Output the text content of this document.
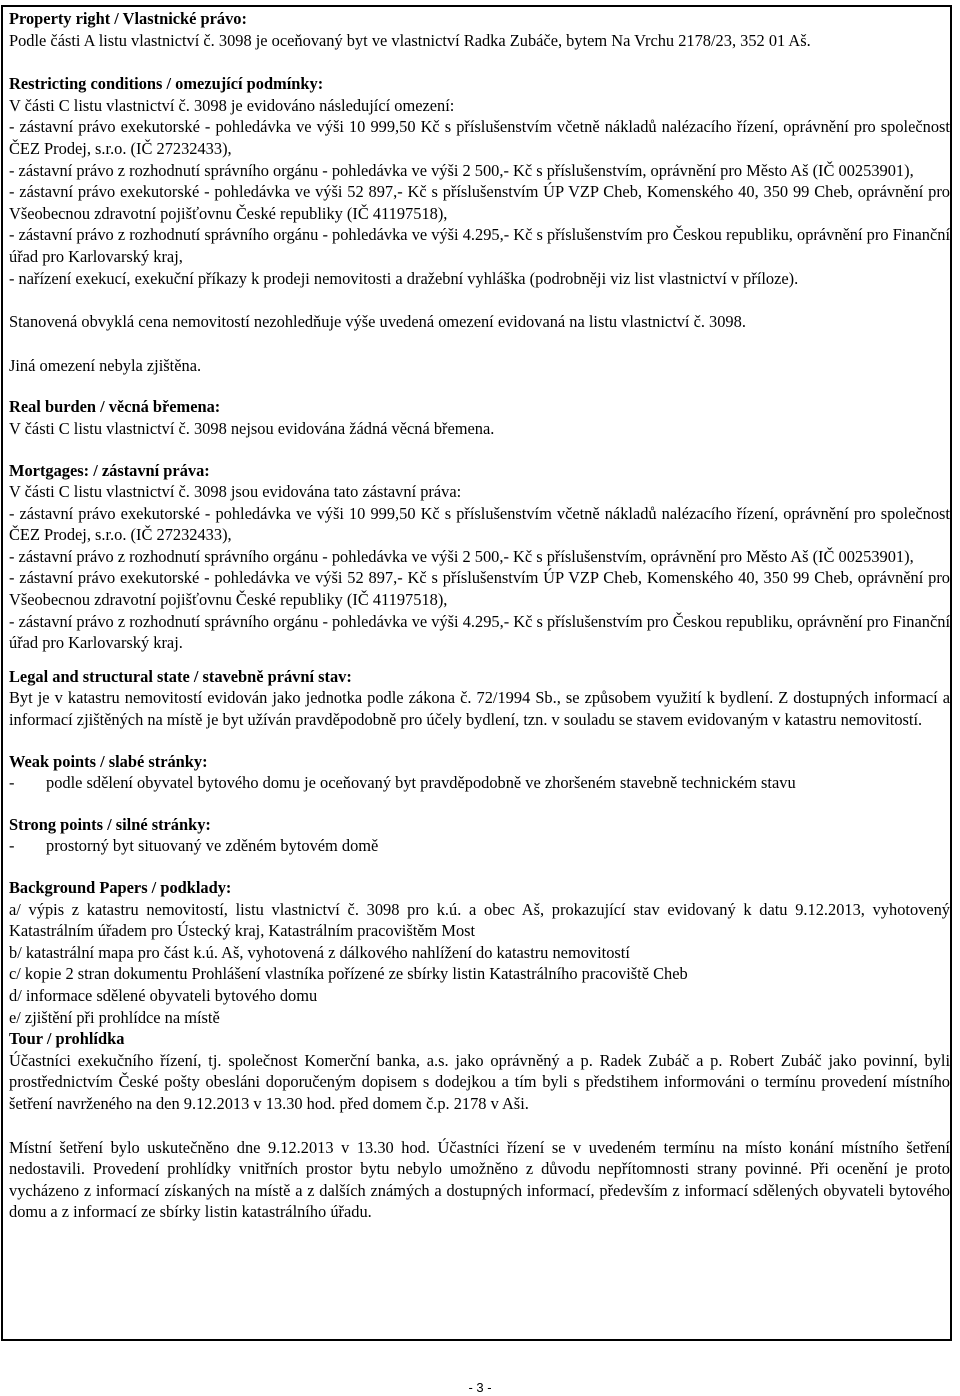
Property right / Vlastnické právo:
Podle části A listu vlastnictví č. 3098 je oceňovaný byt ve vlastnictví Radka Zubáče, bytem Na Vrchu 2178/23, 352 01 Aš.
Restricting conditions / omezující podmínky:
V části C listu vlastnictví č. 3098 je evidováno následující omezení:
- zástavní právo exekutorské - pohledávka ve výši 10 999,50 Kč s příslušenstvím včetně nákladů nalézacího řízení, oprávnění pro společnost ČEZ Prodej, s.r.o. (IČ 27232433),
- zástavní právo z rozhodnutí správního orgánu - pohledávka ve výši 2 500,- Kč s příslušenstvím, oprávnění pro Město Aš (IČ 00253901),
- zástavní právo exekutorské - pohledávka ve výši 52 897,- Kč s příslušenstvím ÚP VZP Cheb, Komenského 40, 350 99 Cheb, oprávnění pro Všeobecnou zdravotní pojišťovnu České republiky (IČ 41197518),
- zástavní právo z rozhodnutí správního orgánu - pohledávka ve výši 4.295,- Kč s příslušenstvím pro Českou republiku, oprávnění pro Finanční úřad pro Karlovarský kraj,
- nařízení exekucí, exekuční příkazy k prodeji nemovitosti a dražební vyhláška (podrobněji viz list vlastnictví v příloze).
Stanovená obvyklá cena nemovitostí nezohledňuje výše uvedená omezení evidovaná na listu vlastnictví č. 3098.
Jiná omezení nebyla zjištěna.
Real burden / věcná břemena:
V části C listu vlastnictví č. 3098 nejsou evidována žádná věcná břemena.
Mortgages: / zástavní práva:
V části C listu vlastnictví č. 3098 jsou evidována tato zástavní práva:
- zástavní právo exekutorské - pohledávka ve výši 10 999,50 Kč s příslušenstvím včetně nákladů nalézacího řízení, oprávnění pro společnost ČEZ Prodej, s.r.o. (IČ 27232433),
- zástavní právo z rozhodnutí správního orgánu - pohledávka ve výši 2 500,- Kč s příslušenstvím, oprávnění pro Město Aš (IČ 00253901),
- zástavní právo exekutorské - pohledávka ve výši 52 897,- Kč s příslušenstvím ÚP VZP Cheb, Komenského 40, 350 99 Cheb, oprávnění pro Všeobecnou zdravotní pojišťovnu České republiky (IČ 41197518),
- zástavní právo z rozhodnutí správního orgánu - pohledávka ve výši 4.295,- Kč s příslušenstvím pro Českou republiku, oprávnění pro Finanční úřad pro Karlovarský kraj.
Legal and structural state / stavebně právní stav:
Byt je v katastru nemovitostí evidován jako jednotka podle zákona č. 72/1994 Sb., se způsobem využití k bydlení. Z dostupných informací a informací zjištěných na místě je byt užíván pravděpodobně pro účely bydlení, tzn. v souladu se stavem evidovaným v katastru nemovitostí.
Weak points / slabé stránky:
-	podle sdělení obyvatel bytového domu je oceňovaný byt pravděpodobně ve zhoršeném stavebně technickém stavu
Strong points / silné stránky:
-	prostorný byt situovaný ve zděném bytovém domě
Background Papers / podklady:
a/ výpis z katastru nemovitostí, listu vlastnictví č. 3098 pro k.ú. a obec Aš, prokazující stav evidovaný k datu 9.12.2013, vyhotovený Katastrálním úřadem pro Ústecký kraj, Katastrálním pracovištěm Most
b/ katastrální mapa pro část k.ú. Aš, vyhotovená z dálkového nahlížení do katastru nemovitostí
c/ kopie 2 stran dokumentu Prohlášení vlastníka pořízené ze sbírky listin Katastrálního pracoviště Cheb
d/ informace sdělené obyvateli bytového domu
e/ zjištění při prohlídce na místě
Tour / prohlídka
Účastníci exekučního řízení, tj. společnost Komerční banka, a.s. jako oprávněný a p. Radek Zubáč a p. Robert Zubáč jako povinní, byli prostřednictvím České pošty obesláni doporučeným dopisem s dodejkou a tím byli s předstihem informováni o termínu provedení místního šetření navrženého na den 9.12.2013 v 13.30 hod. před domem č.p. 2178 v Aši.
Místní šetření bylo uskutečněno dne 9.12.2013 v 13.30 hod. Účastníci řízení se v uvedeném termínu na místo konání místního šetření nedostavili. Provedení prohlídky vnitřních prostor bytu nebylo umožněno z důvodu nepřítomnosti strany povinné. Při ocenění je proto vycházeno z informací získaných na místě a z dalších známých a dostupných informací, především z informací sdělených obyvateli bytového domu a z informací ze sbírky listin katastrálního úřadu.
- 3 -
